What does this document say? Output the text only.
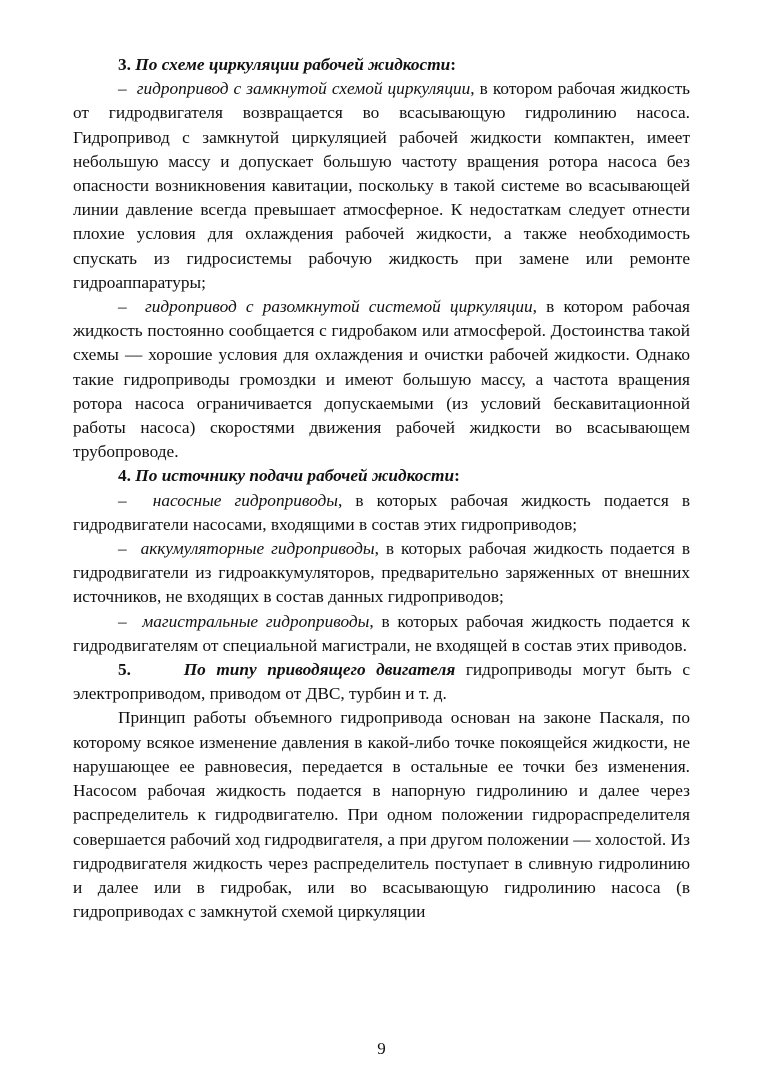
3. По схеме циркуляции рабочей жидкости:

– гидропривод с замкнутой схемой циркуляции, в котором рабочая жидкость от гидродвигателя возвращается во всасывающую гидролинию насоса. Гидропривод с замкнутой циркуляцией рабочей жидкости компактен, имеет небольшую массу и допускает большую частоту вращения ротора насоса без опасности возникновения кавитации, поскольку в такой системе во всасывающей линии давление всегда превышает атмосферное. К недостаткам следует отнести плохие условия для охлаждения рабочей жидкости, а также необходимость спускать из гидросистемы рабочую жидкость при замене или ремонте гидроаппаратуры;

– гидропривод с разомкнутой системой циркуляции, в котором рабочая жидкость постоянно сообщается с гидробаком или атмосферой. Достоинства такой схемы — хорошие условия для охлаждения и очистки рабочей жидкости. Однако такие гидроприводы громоздки и имеют большую массу, а частота вращения ротора насоса ограничивается допускаемыми (из условий бескавитационной работы насоса) скоростями движения рабочей жидкости во всасывающем трубопроводе.

4. По источнику подачи рабочей жидкости:

– насосные гидроприводы, в которых рабочая жидкость подается в гидродвигатели насосами, входящими в состав этих гидроприводов;

– аккумуляторные гидроприводы, в которых рабочая жидкость подается в гидродвигатели из гидроаккумуляторов, предварительно заряженных от внешних источников, не входящих в состав данных гидроприводов;

– магистральные гидроприводы, в которых рабочая жидкость подается к гидродвигателям от специальной магистрали, не входящей в состав этих приводов.

5.	По типу приводящего двигателя гидроприводы могут быть с электроприводом, приводом от ДВС, турбин и т. д.

Принцип работы объемного гидропривода основан на законе Паскаля, по которому всякое изменение давления в какой-либо точке покоящейся жидкости, не нарушающее ее равновесия, передается в остальные ее точки без изменения. Насосом рабочая жидкость подается в напорную гидролинию и далее через распределитель к гидродвигателю. При одном положении гидрораспределителя совершается рабочий ход гидродвигателя, а при другом положении — холостой. Из гидродвигателя жидкость через распределитель поступает в сливную гидролинию и далее или в гидробак, или во всасывающую гидролинию насоса (в гидроприводах с замкнутой схемой циркуляции

9
